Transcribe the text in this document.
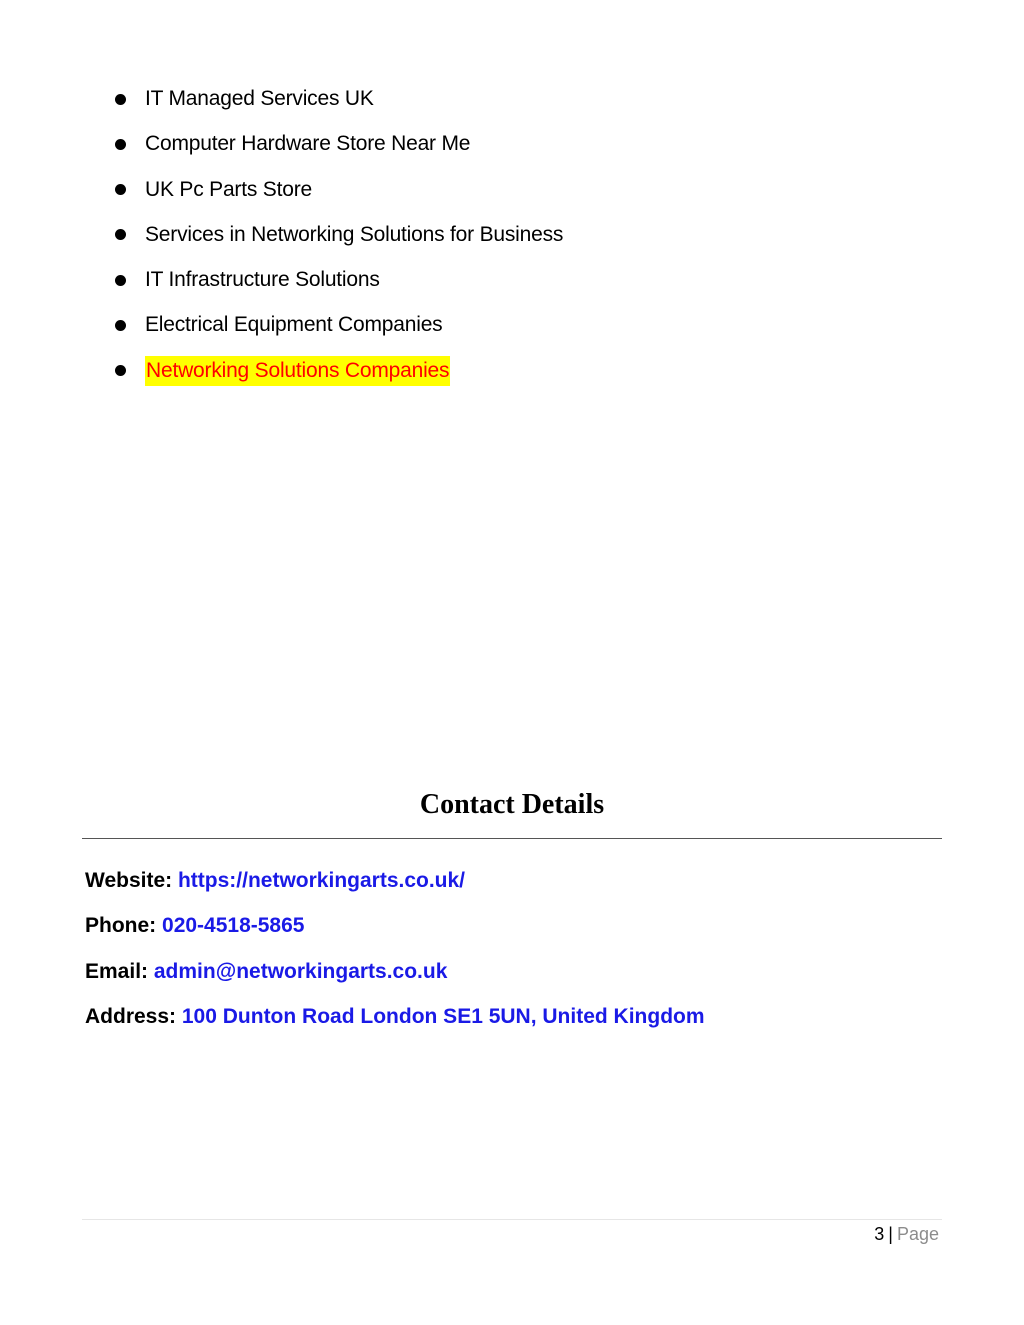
IT Managed Services UK
Computer Hardware Store Near Me
UK Pc Parts Store
Services in Networking Solutions for Business
IT Infrastructure Solutions
Electrical Equipment Companies
Networking Solutions Companies
Contact Details
Website: https://networkingarts.co.uk/
Phone: 020-4518-5865
Email: admin@networkingarts.co.uk
Address: 100 Dunton Road London SE1 5UN, United Kingdom
3 | Page
